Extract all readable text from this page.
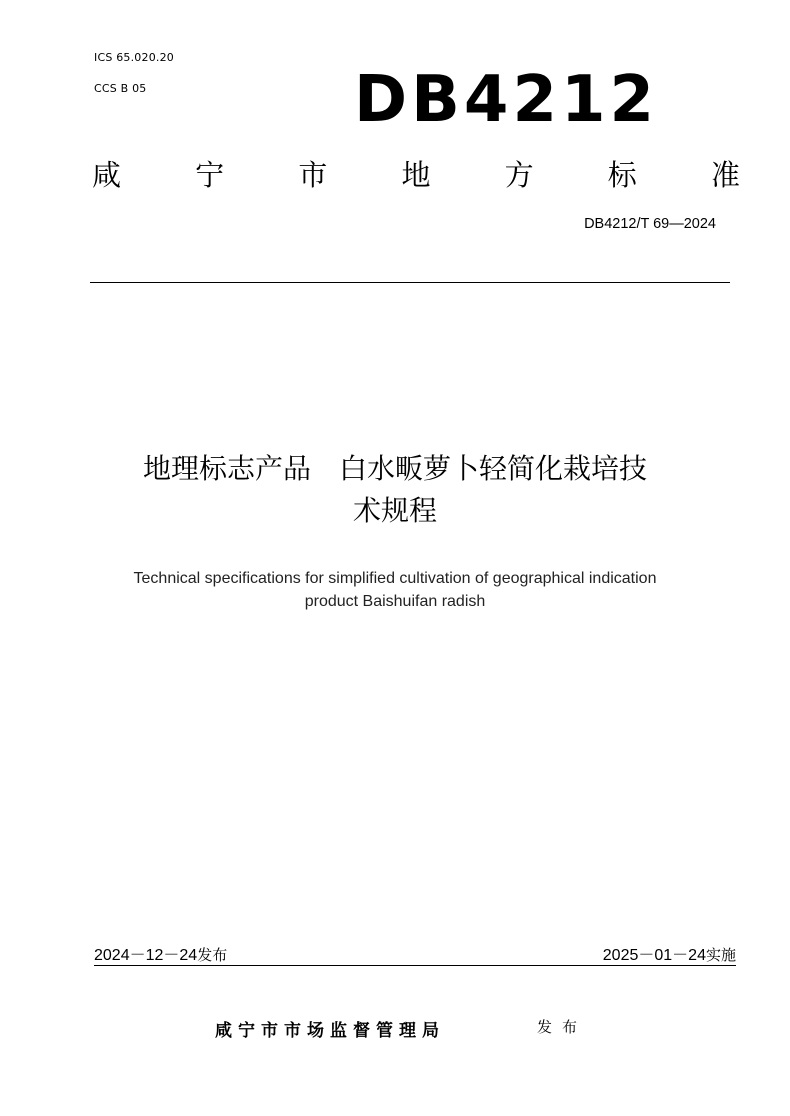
ICS 65.020.20
CCS B 05	DB4212
咸	宁	市	地	方	标	准
DB4212/T 69—2024
地理标志产品　白水畈萝卜轻简化栽培技
术规程
Technical specifications for simplified cultivation of geographical indication
product Baishuifan radish
2024－12－24发布	2025－01－24实施
咸宁市市场监督管理局	发布
